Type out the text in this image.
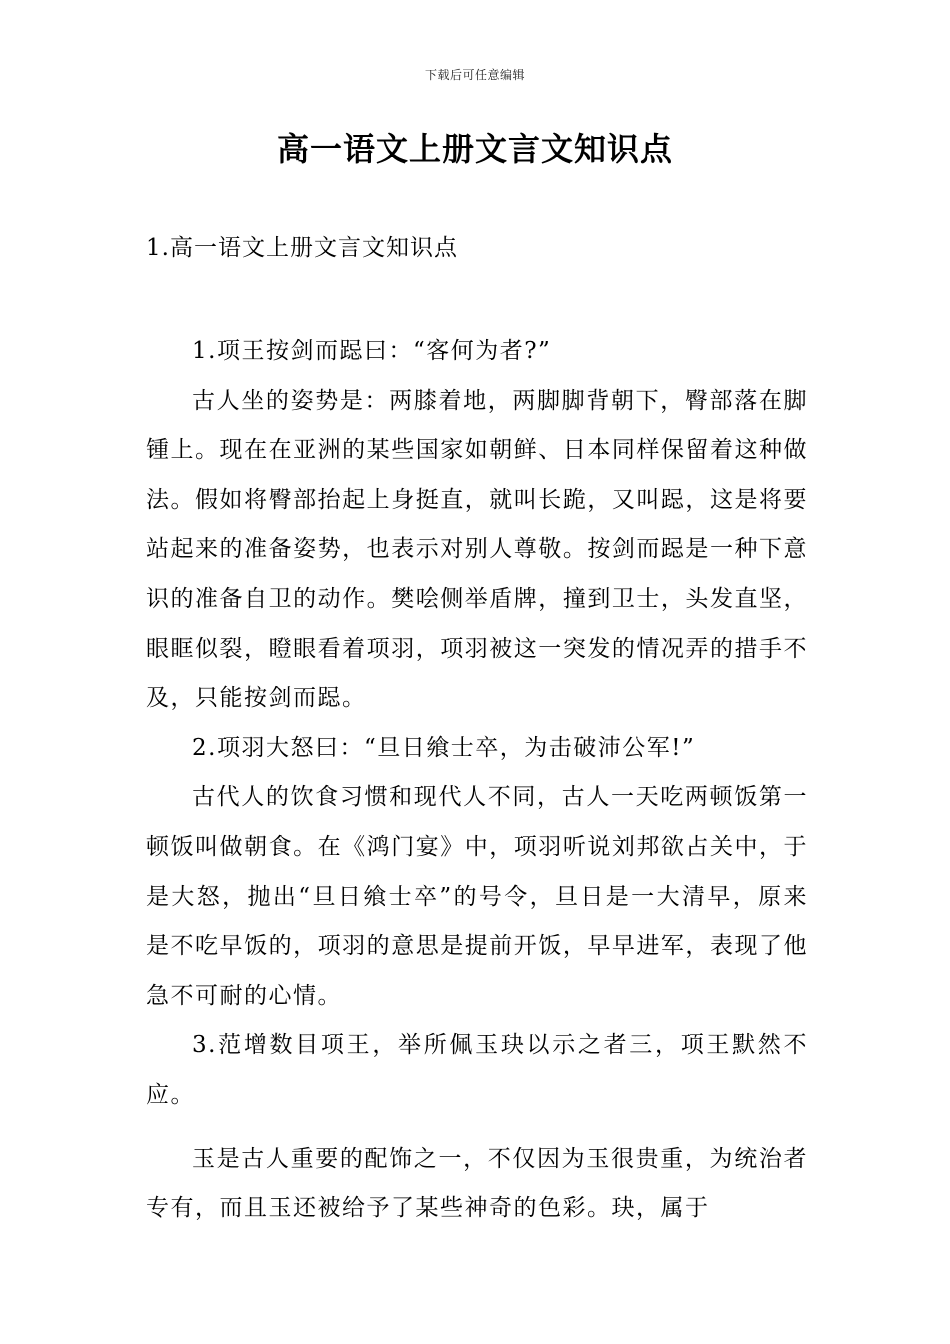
下载后可任意编辑
高一语文上册文言文知识点
1.高一语文上册文言文知识点

1.项王按剑而跽曰：“客何为者?”

古人坐的姿势是：两膝着地，两脚脚背朝下，臀部落在脚锺上。现在在亚洲的某些国家如朝鲜、日本同样保留着这种做法。假如将臀部抬起上身挺直，就叫长跪，又叫跽，这是将要站起来的准备姿势，也表示对别人尊敬。按剑而跽是一种下意识的准备自卫的动作。樊哙侧举盾牌，撞到卫士，头发直坚，眼眶似裂，瞪眼看着项羽，项羽被这一突发的情况弄的措手不及，只能按剑而跽。

2.项羽大怒曰：“旦日飨士卒，为击破沛公军!”

古代人的饮食习惯和现代人不同，古人一天吃两顿饭第一顿饭叫做朝食。在《鸿门宴》中，项羽听说刘邦欲占关中，于是大怒，抛出“旦日飨士卒”的号令，旦日是一大清早，原来是不吃早饭的，项羽的意思是提前开饭，早早进军，表现了他急不可耐的心情。

3.范增数目项王，举所佩玉玦以示之者三，项王默然不应。

玉是古人重要的配饰之一，不仅因为玉很贵重，为统治者专有，而且玉还被给予了某些神奇的色彩。玦，属于
